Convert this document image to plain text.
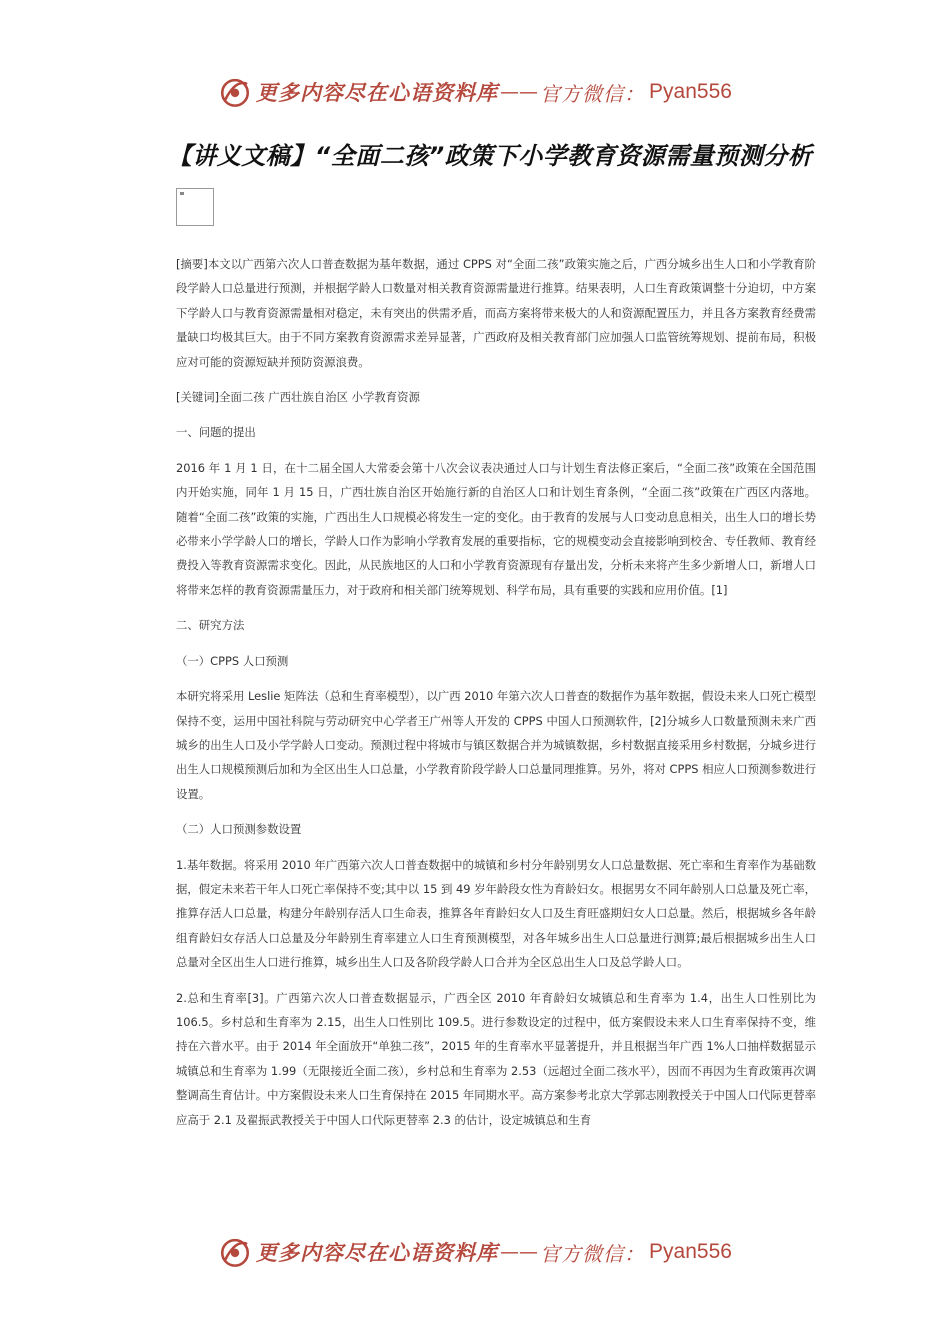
更多内容尽在心语资料库 —— 官方微信： Pyan556
【讲义文稿】“全面二孩”政策下小学教育资源需量预测分析

[摘要]本文以广西第六次人口普查数据为基年数据，通过 CPPS 对“全面二孩”政策实施之后，广西分城乡出生人口和小学教育阶段学龄人口总量进行预测，并根据学龄人口数量对相关教育资源需量进行推算。结果表明，人口生育政策调整十分迫切，中方案下学龄人口与教育资源需量相对稳定，未有突出的供需矛盾，而高方案将带来极大的人和资源配置压力，并且各方案教育经费需量缺口均极其巨大。由于不同方案教育资源需求差异显著，广西政府及相关教育部门应加强人口监管统筹规划、提前布局，积极应对可能的资源短缺并预防资源浪费。

[关键词]全面二孩 广西壮族自治区 小学教育资源

一、问题的提出

2016 年 1 月 1 日，在十二届全国人大常委会第十八次会议表决通过人口与计划生育法修正案后，“全面二孩”政策在全国范围内开始实施，同年 1 月 15 日，广西壮族自治区开始施行新的自治区人口和计划生育条例，“全面二孩”政策在广西区内落地。随着“全面二孩”政策的实施，广西出生人口规模必将发生一定的变化。由于教育的发展与人口变动息息相关，出生人口的增长势必带来小学学龄人口的增长，学龄人口作为影响小学教育发展的重要指标，它的规模变动会直接影响到校舍、专任教师、教育经费投入等教育资源需求变化。因此，从民族地区的人口和小学教育资源现有存量出发，分析未来将产生多少新增人口，新增人口将带来怎样的教育资源需量压力，对于政府和相关部门统筹规划、科学布局，具有重要的实践和应用价值。[1]

二、研究方法

（一）CPPS 人口预测

本研究将采用 Leslie 矩阵法（总和生育率模型），以广西 2010 年第六次人口普查的数据作为基年数据，假设未来人口死亡模型保持不变，运用中国社科院与劳动研究中心学者王广州等人开发的 CPPS 中国人口预测软件，[2]分城乡人口数量预测未来广西城乡的出生人口及小学学龄人口变动。预测过程中将城市与镇区数据合并为城镇数据，乡村数据直接采用乡村数据，分城乡进行出生人口规模预测后加和为全区出生人口总量，小学教育阶段学龄人口总量同理推算。另外，将对 CPPS 相应人口预测参数进行设置。

（二）人口预测参数设置

1.基年数据。将采用 2010 年广西第六次人口普查数据中的城镇和乡村分年龄别男女人口总量数据、死亡率和生育率作为基础数据，假定未来若干年人口死亡率保持不变;其中以 15 到 49 岁年龄段女性为育龄妇女。根据男女不同年龄别人口总量及死亡率，推算存活人口总量，构建分年龄别存活人口生命表，推算各年育龄妇女人口及生育旺盛期妇女人口总量。然后，根据城乡各年龄组育龄妇女存活人口总量及分年龄别生育率建立人口生育预测模型，对各年城乡出生人口总量进行测算;最后根据城乡出生人口总量对全区出生人口进行推算，城乡出生人口及各阶段学龄人口合并为全区总出生人口及总学龄人口。

2.总和生育率[3]。广西第六次人口普查数据显示，广西全区 2010 年育龄妇女城镇总和生育率为 1.4，出生人口性别比为 106.5。乡村总和生育率为 2.15，出生人口性别比 109.5。进行参数设定的过程中，低方案假设未来人口生育率保持不变，维持在六普水平。由于 2014 年全面放开“单独二孩”，2015 年的生育率水平显著提升，并且根据当年广西 1%人口抽样数据显示城镇总和生育率为 1.99（无限接近全面二孩），乡村总和生育率为 2.53（远超过全面二孩水平），因而不再因为生育政策再次调整调高生育估计。中方案假设未来人口生育保持在 2015 年同期水平。高方案参考北京大学郭志刚教授关于中国人口代际更替率应高于 2.1 及翟振武教授关于中国人口代际更替率 2.3 的估计，设定城镇总和生育

更多内容尽在心语资料库 —— 官方微信： Pyan556
